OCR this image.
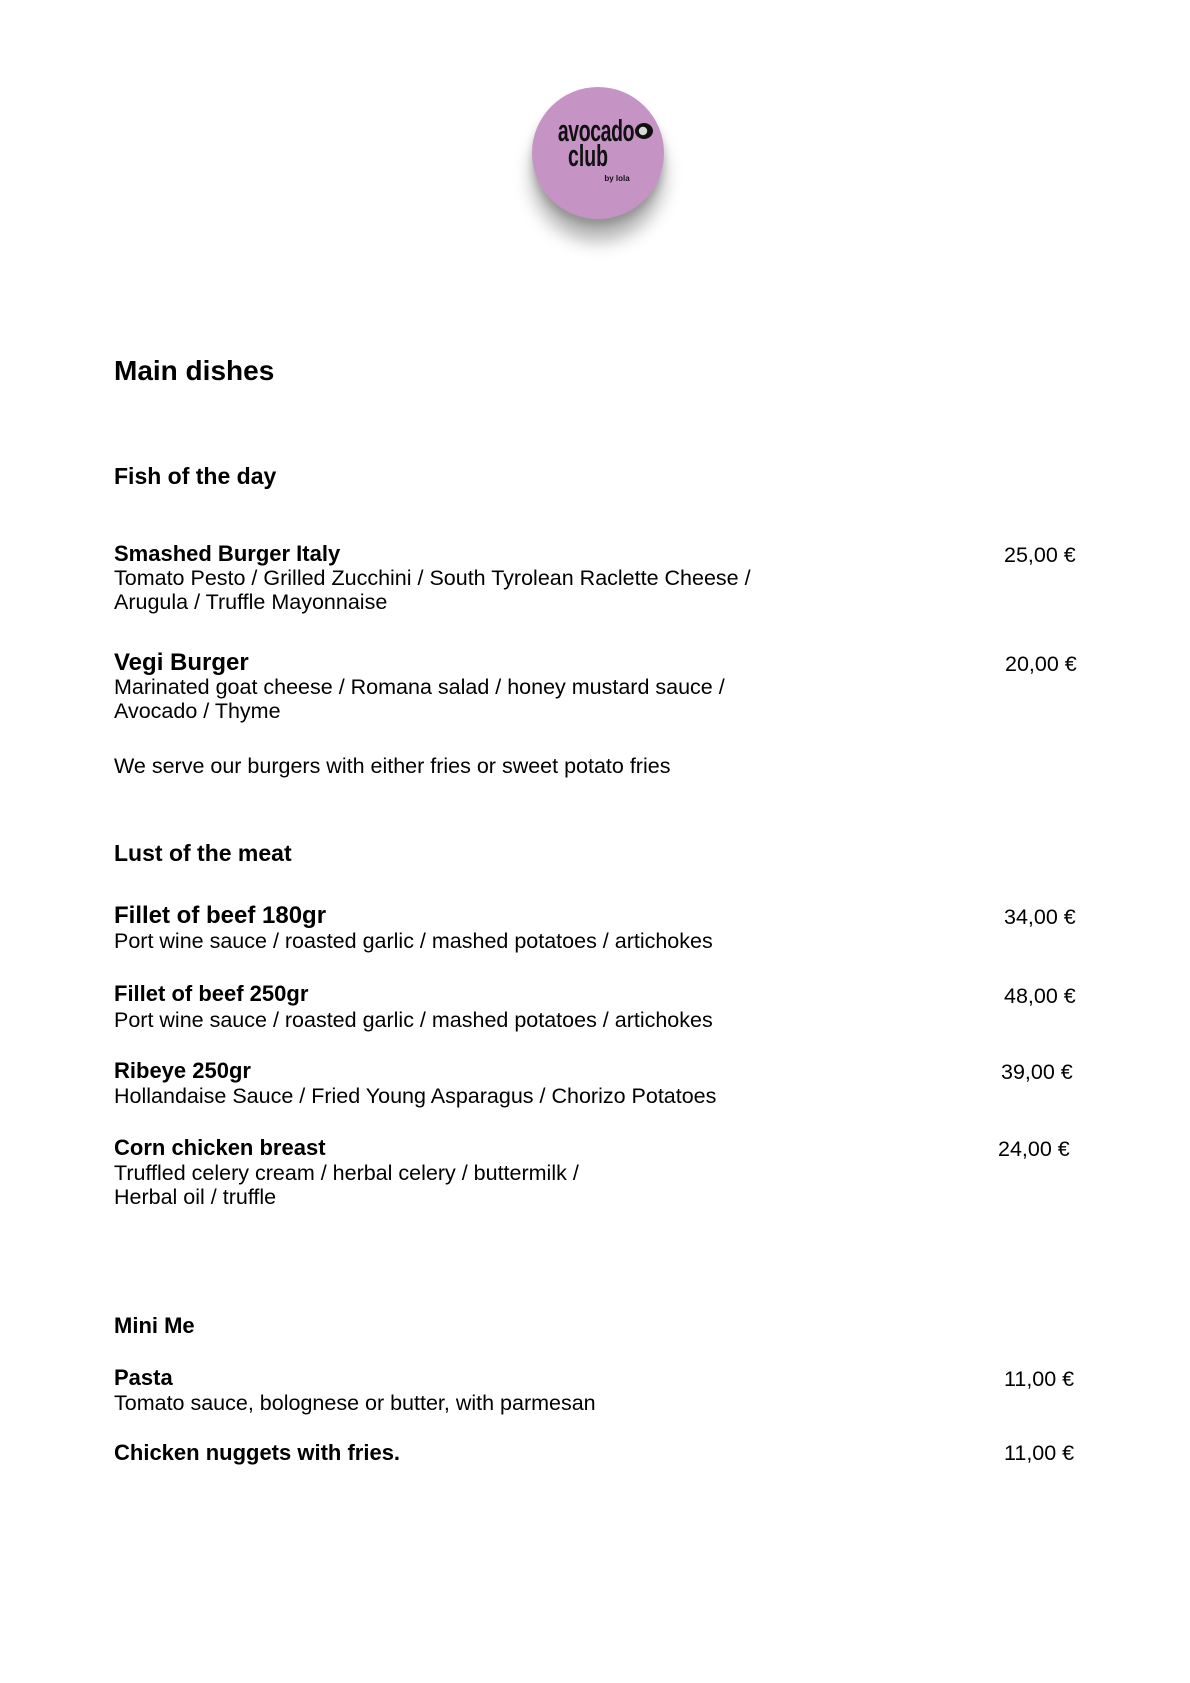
avocado
club
by lola
Main dishes
Fish of the day
Smashed Burger Italy
Tomato Pesto / Grilled Zucchini / South Tyrolean Raclette Cheese /
Arugula / Truffle Mayonnaise
25,00 €
Vegi Burger
Marinated goat cheese / Romana salad / honey mustard sauce /
Avocado / Thyme
20,00 €
We serve our burgers with either fries or sweet potato fries
Lust of the meat
Fillet of beef 180gr
Port wine sauce / roasted garlic / mashed potatoes / artichokes
34,00 €
Fillet of beef 250gr
Port wine sauce / roasted garlic / mashed potatoes / artichokes
48,00 €
Ribeye 250gr
Hollandaise Sauce / Fried Young Asparagus / Chorizo Potatoes
39,00 €
Corn chicken breast
Truffled celery cream / herbal celery / buttermilk /
Herbal oil / truffle
24,00 €
Mini Me
Pasta
Tomato sauce, bolognese or butter, with parmesan
11,00 €
Chicken nuggets with fries.	11,00 €
